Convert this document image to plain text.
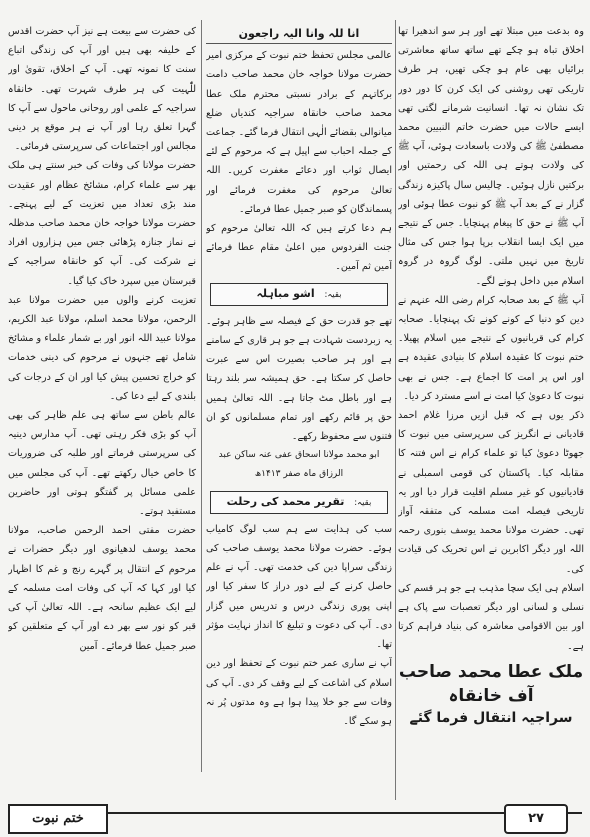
وہ بدعت میں مبتلا تھے اور ہر سو اندھیرا تھا اخلاق تباہ ہو چکے تھے ساتھ ساتھ معاشرتی برائیاں بھی عام ہو چکی تھیں، ہر طرف تاریکی تھی روشنی کی ایک کرن کا دور دور تک نشان نہ تھا۔ انسانیت شرمانے لگتی تھی ایسے حالات میں حضرت خاتم النبیین محمد مصطفیٰ ﷺ کی ولادت باسعادت ہوئی، آپ ﷺ کی ولادت ہوتے ہی اللہ کی رحمتیں اور برکتیں نازل ہوئیں۔ چالیس سال پاکیزہ زندگی گزار نے کے بعد آپ ﷺ کو نبوت عطا ہوئی اور آپ ﷺ نے حق کا پیغام پہنچایا۔ جس کے نتیجے میں ایک ایسا انقلاب برپا ہوا جس کی مثال تاریخ میں نہیں ملتی۔ لوگ گروہ در گروہ اسلام میں داخل ہونے لگے۔

آپ ﷺ کے بعد صحابہ کرام رضی اللہ عنہم نے دین کو دنیا کے کونے کونے تک پہنچایا۔ صحابہ کرام کی قربانیوں کے نتیجے میں اسلام پھیلا۔ ختم نبوت کا عقیدہ اسلام کا بنیادی عقیدہ ہے اور اس پر امت کا اجماع ہے۔ جس نے بھی نبوت کا دعویٰ کیا امت نے اسے مسترد کر دیا۔

ذکر یوں ہے کہ قبل ازیں مرزا غلام احمد قادیانی نے انگریز کی سرپرستی میں نبوت کا جھوٹا دعویٰ کیا تو علماء کرام نے اس فتنہ کا مقابلہ کیا۔ پاکستان کی قومی اسمبلی نے قادیانیوں کو غیر مسلم اقلیت قرار دیا اور یہ تاریخی فیصلہ امت مسلمہ کی متفقہ آواز تھی۔ حضرت مولانا محمد یوسف بنوری رحمہ اللہ اور دیگر اکابرین نے اس تحریک کی قیادت کی۔

اسلام ہی ایک سچا مذہب ہے جو ہر قسم کی نسلی و لسانی اور دیگر تعصبات سے پاک ہے اور بین الاقوامی معاشرہ کی بنیاد فراہم کرتا ہے۔

ملک عطا محمد صاحب آف خانقاہ
سراجیہ انتقال فرما گئے
انا للہ وانا الیہ راجعون

عالمی مجلس تحفظ ختم نبوت کے مرکزی امیر حضرت مولانا خواجہ خان محمد صاحب دامت برکاتہم کے برادر نسبتی محترم ملک عطا محمد صاحب خانقاہ سراجیہ کندیاں ضلع میانوالی بقضائے الٰہی انتقال فرما گئے۔ جماعت کے جملہ احباب سے اپیل ہے کہ مرحوم کے لئے ایصال ثواب اور دعائے مغفرت کریں۔ اللہ تعالیٰ مرحوم کی مغفرت فرمائے اور پسماندگان کو صبر جمیل عطا فرمائے۔

ہم دعا کرتے ہیں کہ اللہ تعالیٰ مرحوم کو جنت الفردوس میں اعلیٰ مقام عطا فرمائے آمین ثم آمین۔

بقیہ: اشو مباہلہ

تھے جو قدرت حق کے فیصلہ سے ظاہر ہوئے۔ یہ زبردست شہادت ہے جو ہر قاری کے سامنے ہے اور ہر صاحب بصیرت اس سے عبرت حاصل کر سکتا ہے۔ حق ہمیشہ سر بلند رہتا ہے اور باطل مٹ جاتا ہے۔ اللہ تعالیٰ ہمیں حق پر قائم رکھے اور تمام مسلمانوں کو ان فتنوں سے محفوظ رکھے۔

ابو محمد مولانا اسحاق عفی عنہ ساکن عبد الرزاق ماہ صفر ۱۴۱۳ھ
بقیہ: تقریر محمد کی رحلت

سب کی ہدایت سے ہم سب لوگ کامیاب ہوئے۔ حضرت مولانا محمد یوسف صاحب کی زندگی سراپا دین کی خدمت تھی۔ آپ نے علم حاصل کرنے کے لیے دور دراز کا سفر کیا اور اپنی پوری زندگی درس و تدریس میں گزار دی۔ آپ کی دعوت و تبلیغ کا انداز نہایت مؤثر تھا۔

آپ نے ساری عمر ختم نبوت کے تحفظ اور دین اسلام کی اشاعت کے لیے وقف کر دی۔ آپ کی وفات سے جو خلا پیدا ہوا ہے وہ مدتوں پُر نہ ہو سکے گا۔

کی حضرت سے بیعت ہے نیز آپ حضرت اقدس کے خلیفہ بھی ہیں اور آپ کی زندگی اتباع سنت کا نمونہ تھی۔ آپ کے اخلاق، تقویٰ اور للّٰہیت کی ہر طرف شہرت تھی۔ خانقاہ سراجیہ کے علمی اور روحانی ماحول سے آپ کا گہرا تعلق رہا اور آپ نے ہر موقع پر دینی مجالس اور اجتماعات کی سرپرستی فرمائی۔

حضرت مولانا کی وفات کی خبر سنتے ہی ملک بھر سے علماء کرام، مشائخ عظام اور عقیدت مند بڑی تعداد میں تعزیت کے لیے پہنچے۔ حضرت مولانا خواجہ خان محمد صاحب مدظلہ نے نماز جنازہ پڑھائی جس میں ہزاروں افراد نے شرکت کی۔ آپ کو خانقاہ سراجیہ کے قبرستان میں سپرد خاک کیا گیا۔

تعزیت کرنے والوں میں حضرت مولانا عبد الرحمن، مولانا محمد اسلم، مولانا عبد الکریم، مولانا عبید اللہ انور اور بے شمار علماء و مشائخ شامل تھے جنہوں نے مرحوم کی دینی خدمات کو خراج تحسین پیش کیا اور ان کے درجات کی بلندی کے لیے دعا کی۔

عالم باطن سے ساتھ ہی علم ظاہر کی بھی آپ کو بڑی فکر رہتی تھی۔ آپ مدارس دینیہ کی سرپرستی فرماتے اور طلبہ کی ضروریات کا خاص خیال رکھتے تھے۔ آپ کی مجلس میں علمی مسائل پر گفتگو ہوتی اور حاضرین مستفید ہوتے۔

حضرت مفتی احمد الرحمن صاحب، مولانا محمد یوسف لدھیانوی اور دیگر حضرات نے مرحوم کے انتقال پر گہرے رنج و غم کا اظہار کیا اور کہا کہ آپ کی وفات امت مسلمہ کے لیے ایک عظیم سانحہ ہے۔ اللہ تعالیٰ آپ کی قبر کو نور سے بھر دے اور آپ کے متعلقین کو صبر جمیل عطا فرمائے۔ آمین

ختم نبوت	۲۷
